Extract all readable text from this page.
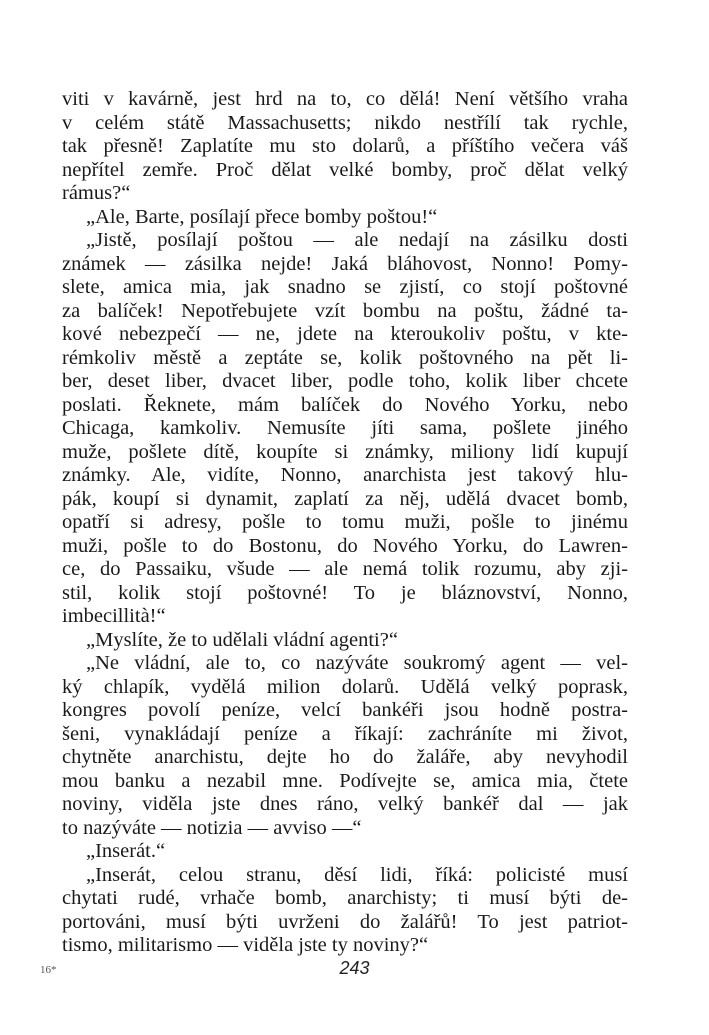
viti v kavárně, jest hrd na to, co dělá! Není většího vraha
v celém státě Massachusetts; nikdo nestřílí tak rychle,
tak přesně! Zaplatíte mu sto dolarů, a příštího večera váš
nepřítel zemře. Proč dělat velké bomby, proč dělat velký
rámus?“
„Ale, Barte, posílají přece bomby poštou!“
„Jistě, posílají poštou — ale nedají na zásilku dosti
známek — zásilka nejde! Jaká bláhovost, Nonno! Pomy-
slete, amica mia, jak snadno se zjistí, co stojí poštovné
za balíček! Nepotřebujete vzít bombu na poštu, žádné ta-
kové nebezpečí — ne, jdete na kteroukoliv poštu, v kte-
rémkoliv městě a zeptáte se, kolik poštovného na pět li-
ber, deset liber, dvacet liber, podle toho, kolik liber chcete
poslati. Řeknete, mám balíček do Nového Yorku, nebo
Chicaga, kamkoliv. Nemusíte jíti sama, pošlete jiného
muže, pošlete dítě, koupíte si známky, miliony lidí kupují
známky. Ale, vidíte, Nonno, anarchista jest takový hlu-
pák, koupí si dynamit, zaplatí za něj, udělá dvacet bomb,
opatří si adresy, pošle to tomu muži, pošle to jinému
muži, pošle to do Bostonu, do Nového Yorku, do Lawren-
ce, do Passaiku, všude — ale nemá tolik rozumu, aby zji-
stil, kolik stojí poštovné! To je bláznovství, Nonno,
imbecillità!“
„Myslíte, že to udělali vládní agenti?“
„Ne vládní, ale to, co nazýváte soukromý agent — vel-
ký chlapík, vydělá milion dolarů. Udělá velký poprask,
kongres povolí peníze, velcí bankéři jsou hodně postra-
šeni, vynakládají peníze a říkají: zachráníte mi život,
chytněte anarchistu, dejte ho do žaláře, aby nevyhodil
mou banku a nezabil mne. Podívejte se, amica mia, čtete
noviny, viděla jste dnes ráno, velký bankéř dal — jak
to nazýváte — notizia — avviso —“
„Inserát.“
„Inserát, celou stranu, děsí lidi, říká: policisté musí
chytati rudé, vrhače bomb, anarchisty; ti musí býti de-
portováni, musí býti uvrženi do žalářů! To jest patriot-
tismo, militarismo — viděla jste ty noviny?“
16*	243
